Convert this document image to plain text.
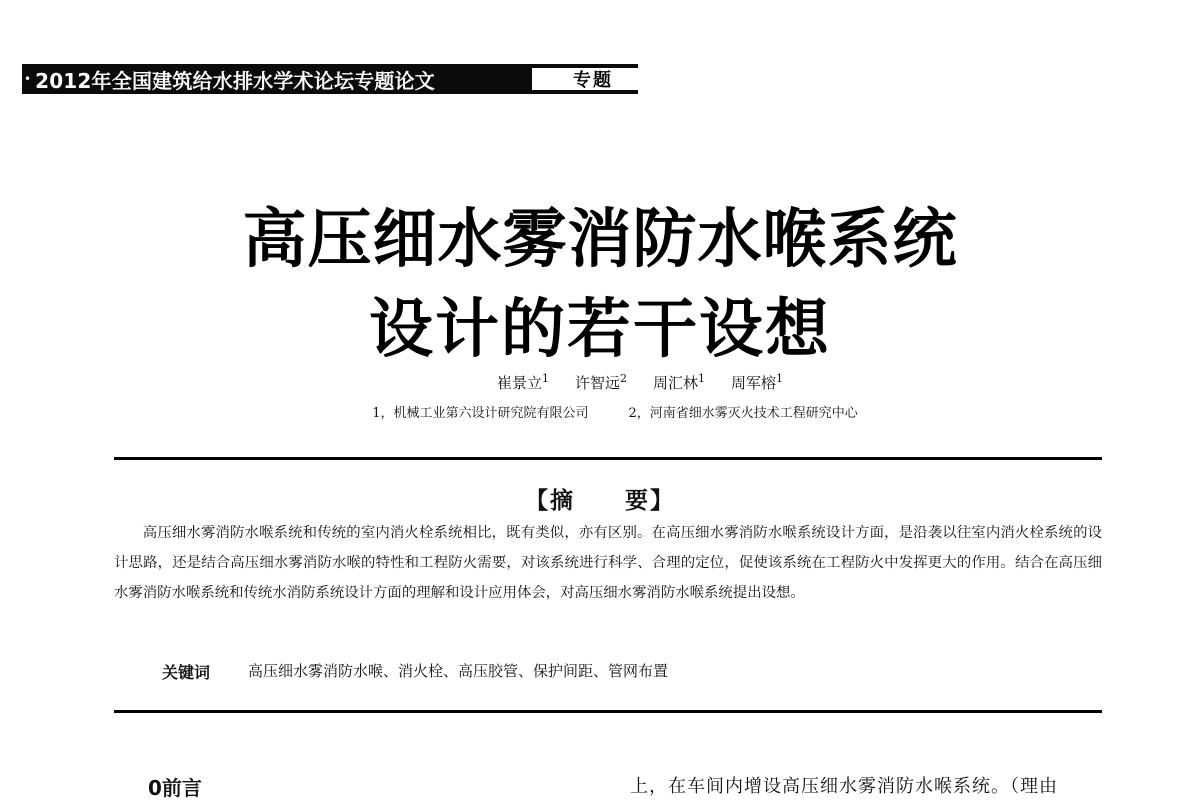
• 2012年全国建筑给水排水学术论坛专题论文	专题
高压细水雾消防水喉系统
设计的若干设想
崔景立$^1$ 许智远$^2$ 周汇林$^1$ 周军榕$^1$
1，机械工业第六设计研究院有限公司	2，河南省细水雾灭火技术工程研究中心
【摘　　要】

高压细水雾消防水喉系统和传统的室内消火栓系统相比，既有类似，亦有区别。在高压细水雾消防水喉系统设计方面，是沿袭以往室内消火栓系统的设计思路，还是结合高压细水雾消防水喉的特性和工程防火需要，对该系统进行科学、合理的定位，促使该系统在工程防火中发挥更大的作用。结合在高压细水雾消防水喉系统和传统水消防系统设计方面的理解和设计应用体会，对高压细水雾消防水喉系统提出设想。

关键词	高压细水雾消防水喉、消火栓、高压胶管、保护间距、管网布置
0前言	上，在车间内增设高压细水雾消防水喉系统。（理由
